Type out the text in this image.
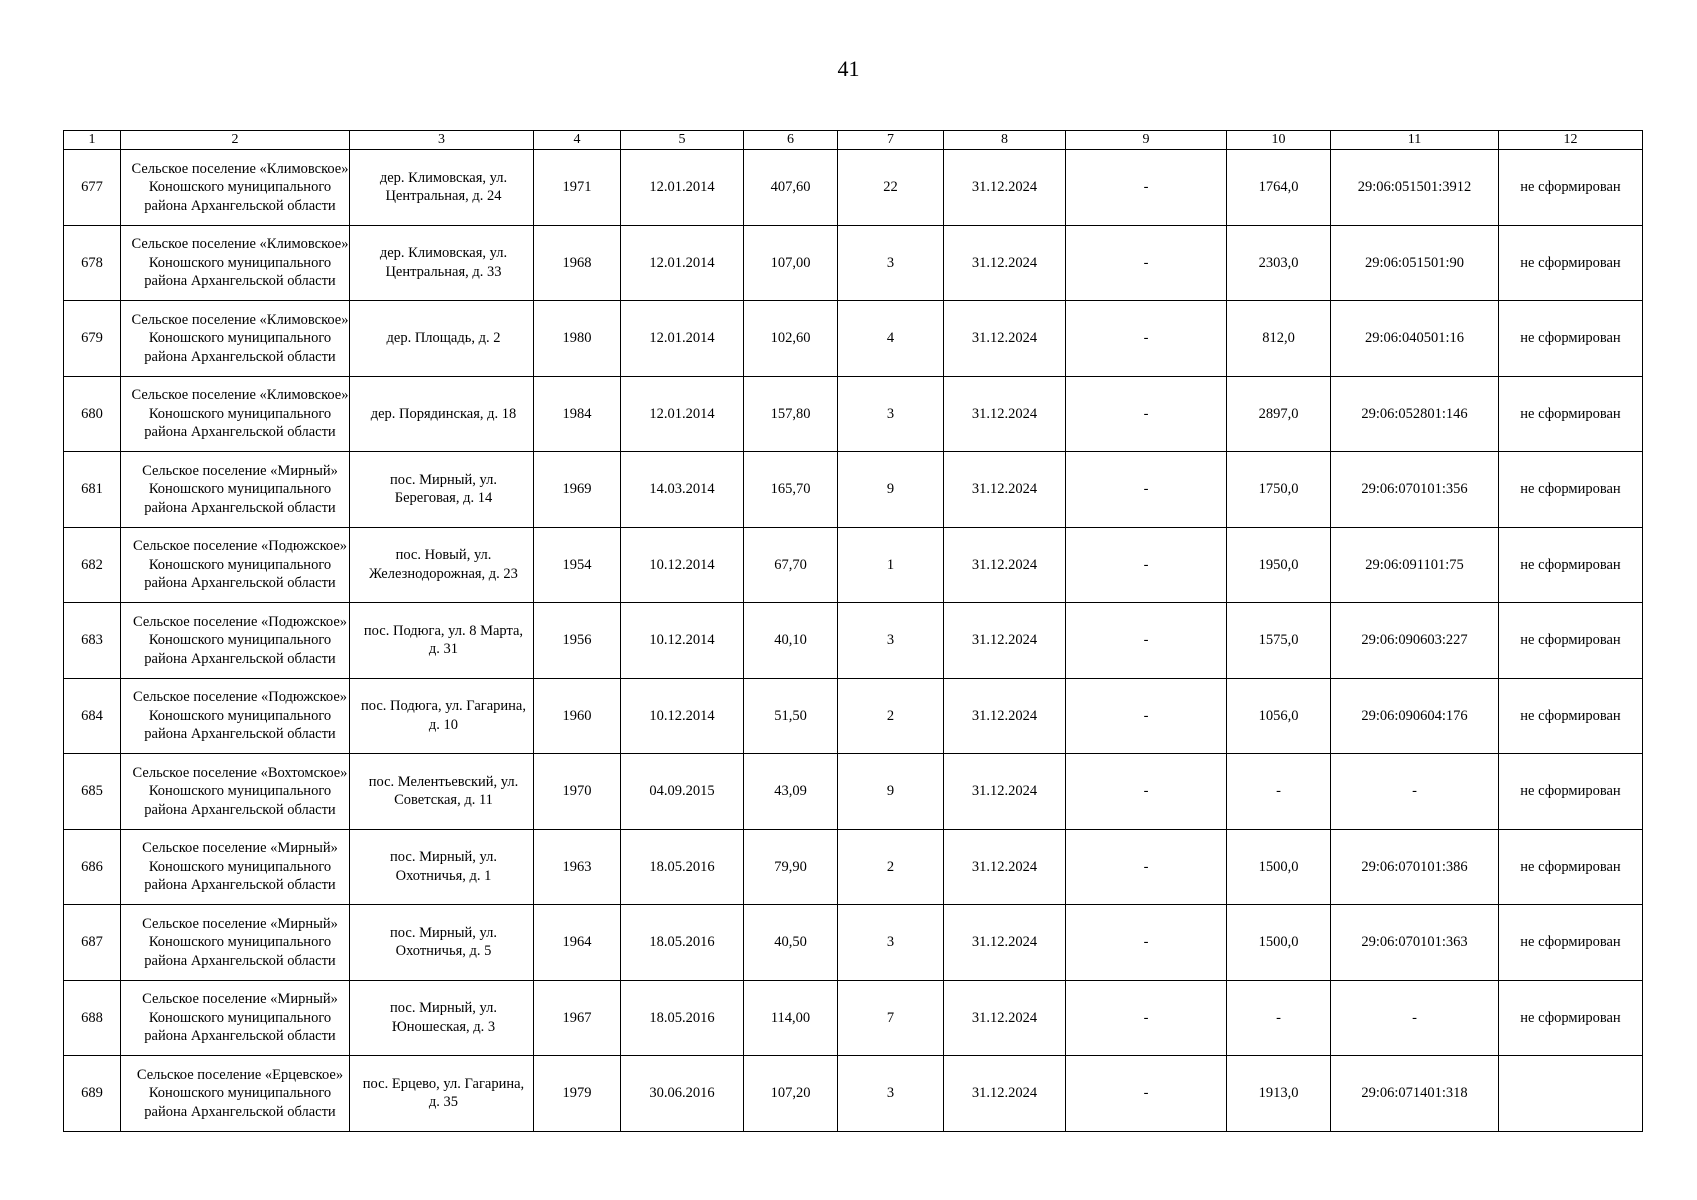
41
1	2	3	4	5	6	7	8	9	10	11	12
677	Сельское поселение «Климовское» Коношского муниципального района Архангельской области	дер. Климовская, ул. Центральная, д. 24	1971	12.01.2014	407,60	22	31.12.2024	-	1764,0	29:06:051501:3912	не сформирован
678	Сельское поселение «Климовское» Коношского муниципального района Архангельской области	дер. Климовская, ул. Центральная, д. 33	1968	12.01.2014	107,00	3	31.12.2024	-	2303,0	29:06:051501:90	не сформирован
679	Сельское поселение «Климовское» Коношского муниципального района Архангельской области	дер. Площадь, д. 2	1980	12.01.2014	102,60	4	31.12.2024	-	812,0	29:06:040501:16	не сформирован
680	Сельское поселение «Климовское» Коношского муниципального района Архангельской области	дер. Порядинская, д. 18	1984	12.01.2014	157,80	3	31.12.2024	-	2897,0	29:06:052801:146	не сформирован
681	Сельское поселение «Мирный» Коношского муниципального района Архангельской области	пос. Мирный, ул. Береговая, д. 14	1969	14.03.2014	165,70	9	31.12.2024	-	1750,0	29:06:070101:356	не сформирован
682	Сельское поселение «Подюжское» Коношского муниципального района Архангельской области	пос. Новый, ул. Железнодорожная, д. 23	1954	10.12.2014	67,70	1	31.12.2024	-	1950,0	29:06:091101:75	не сформирован
683	Сельское поселение «Подюжское» Коношского муниципального района Архангельской области	пос. Подюга, ул. 8 Марта, д. 31	1956	10.12.2014	40,10	3	31.12.2024	-	1575,0	29:06:090603:227	не сформирован
684	Сельское поселение «Подюжское» Коношского муниципального района Архангельской области	пос. Подюга, ул. Гагарина, д. 10	1960	10.12.2014	51,50	2	31.12.2024	-	1056,0	29:06:090604:176	не сформирован
685	Сельское поселение «Вохтомское» Коношского муниципального района Архангельской области	пос. Мелентьевский, ул. Советская, д. 11	1970	04.09.2015	43,09	9	31.12.2024	-	-	-	не сформирован
686	Сельское поселение «Мирный» Коношского муниципального района Архангельской области	пос. Мирный, ул. Охотничья, д. 1	1963	18.05.2016	79,90	2	31.12.2024	-	1500,0	29:06:070101:386	не сформирован
687	Сельское поселение «Мирный» Коношского муниципального района Архангельской области	пос. Мирный, ул. Охотничья, д. 5	1964	18.05.2016	40,50	3	31.12.2024	-	1500,0	29:06:070101:363	не сформирован
688	Сельское поселение «Мирный» Коношского муниципального района Архангельской области	пос. Мирный, ул. Юношеская, д. 3	1967	18.05.2016	114,00	7	31.12.2024	-	-	-	не сформирован
689	Сельское поселение «Ерцевское» Коношского муниципального района Архангельской области	пос. Ерцево, ул. Гагарина, д. 35	1979	30.06.2016	107,20	3	31.12.2024	-	1913,0	29:06:071401:318	
